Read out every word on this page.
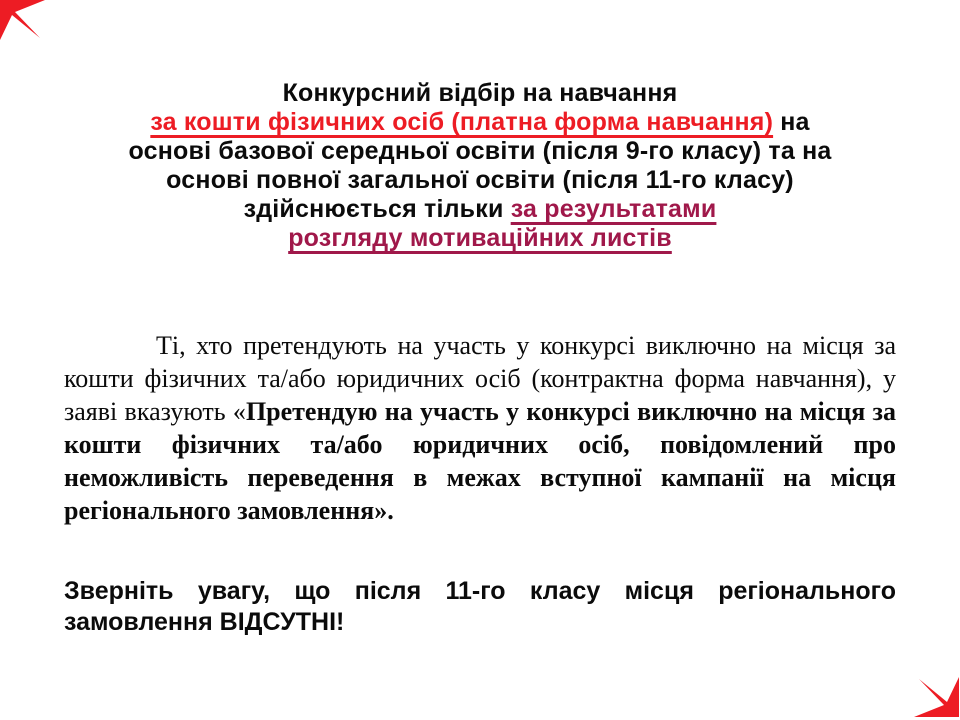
Конкурсний відбір на навчання
за кошти фізичних осіб (платна форма навчання) на
основі базової середньої освіти (після 9-го класу) та на
основі повної загальної освіти (після 11-го класу)
здійснюється тільки за результатами
розгляду мотиваційних листів

Ті, хто претендують на участь у конкурсі виключно на місця за кошти фізичних та/або юридичних осіб (контрактна форма навчання), у заяві вказують «Претендую на участь у конкурсі виключно на місця за кошти фізичних та/або юридичних осіб, повідомлений про неможливість переведення в межах вступної кампанії на місця регіонального замовлення».

Зверніть увагу, що після 11-го класу місця регіонального замовлення ВІДСУТНІ!
